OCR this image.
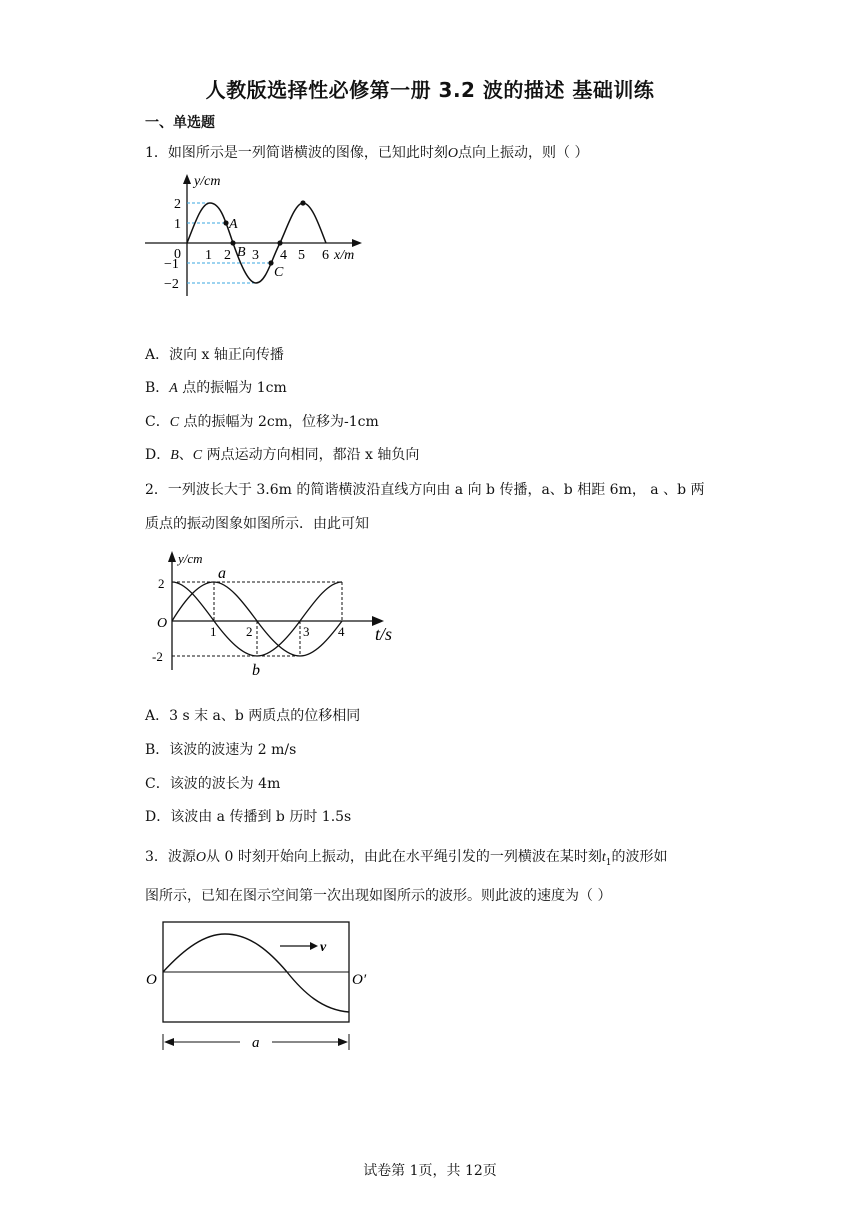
人教版选择性必修第一册 3.2 波的描述 基础训练
一、单选题
1．如图所示是一列简谐横波的图像，已知此时刻O点向上振动，则（ ）
y/cm
2
1
−1
−2
0 1 2 3 4 5 6 x/m
A
B
C
A．波向 x 轴正向传播
B．A 点的振幅为 1cm
C．C 点的振幅为 2cm，位移为-1cm
D．B、C 两点运动方向相同，都沿 x 轴负向
2．一列波长大于 3.6m 的简谐横波沿直线方向由 a 向 b 传播，a、b 相距 6m， a 、b 两
质点的振动图象如图所示．由此可知
y/cm
a
b
2
-2
O
1 2	3 4 t/s
A．3 s 末 a、b 两质点的位移相同
B．该波的波速为 2 m/s
C．该波的波长为 4m
D．该波由 a 传播到 b 历时 1.5s
3．波源O从 0 时刻开始向上振动，由此在水平绳引发的一列横波在某时刻$t_1$的波形如
图所示，已知在图示空间第一次出现如图所示的波形。则此波的速度为（ ）
v
O	O′
a
试卷第 1页，共 12页
